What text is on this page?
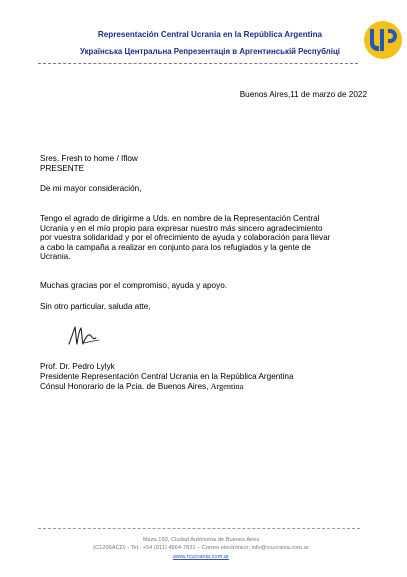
Representación Central Ucrania en la República Argentina
Українська Центральна Репрезентація в Аргентинській Республіці
Buenos Aires,11 de marzo de 2022
Sres. Fresh to home / Iflow
PRESENTE
De mi mayor consideración,
Tengo el agrado de dirigirme a Uds. en nombre de la Representación Central
Ucrania y en el mío propio para expresar nuestro más sincero agradecimiento
por vuestra solidaridad y por el ofrecimiento de ayuda y colaboración para llevar
a cabo la campaña a realizar en conjunto para los refugiados y la gente de
Ucrania.
Muchas gracias por el compromiso, ayuda y apoyo.
Sin otro particular, saluda atte,
Prof. Dr. Pedro Lylyk
Presidente Representación Central Ucrania en la República Argentina
Cónsul Honorario de la Pcia. de Buenos Aires, Argentina
Maza 150, Ciudad Autónoma de Buenos Aires
(C1206ACD) - Tel.: +54 (011) 4864-7831 – Correo electrónico: info@rcucrania.com.ar
www.rcucrania.com.ar
